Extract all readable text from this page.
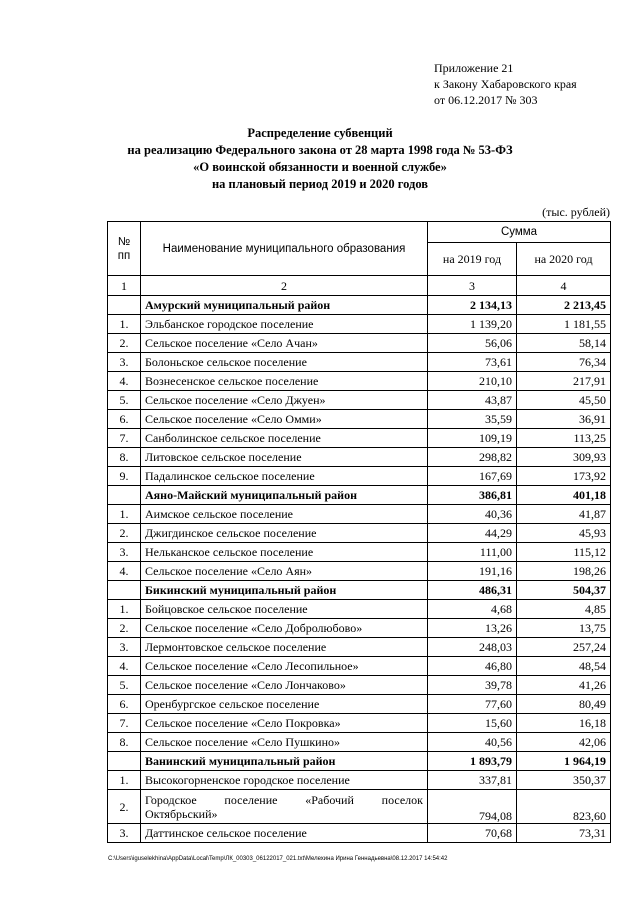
Приложение 21
к Закону Хабаровского края
от 06.12.2017 № 303
Распределение субвенций
на реализацию Федерального закона от 28 марта 1998 года № 53-ФЗ
«О воинской обязанности и военной службе»
на плановый период 2019 и 2020 годов
(тыс. рублей)
№ пп	Наименование муниципального образования	Сумма	
		на 2019 год	на 2020 год
1	2	3	4
	Амурский муниципальный район	2 134,13	2 213,45
1.	Эльбанское городское поселение	1 139,20	1 181,55
2.	Сельское поселение «Село Ачан»	56,06	58,14
3.	Болоньское сельское поселение	73,61	76,34
4.	Вознесенское сельское поселение	210,10	217,91
5.	Сельское поселение «Село Джуен»	43,87	45,50
6.	Сельское поселение «Село Омми»	35,59	36,91
7.	Санболинское сельское поселение	109,19	113,25
8.	Литовское сельское поселение	298,82	309,93
9.	Падалинское сельское поселение	167,69	173,92
	Аяно-Майский муниципальный район	386,81	401,18
1.	Аимское сельское поселение	40,36	41,87
2.	Джигдинское сельское поселение	44,29	45,93
3.	Нельканское сельское поселение	111,00	115,12
4.	Сельское поселение «Село Аян»	191,16	198,26
	Бикинский муниципальный район	486,31	504,37
1.	Бойцовское сельское поселение	4,68	4,85
2.	Сельское поселение «Село Добролюбово»	13,26	13,75
3.	Лермонтовское сельское поселение	248,03	257,24
4.	Сельское поселение «Село Лесопильное»	46,80	48,54
5.	Сельское поселение «Село Лончаково»	39,78	41,26
6.	Оренбургское сельское поселение	77,60	80,49
7.	Сельское поселение «Село Покровка»	15,60	16,18
8.	Сельское поселение «Село Пушкино»	40,56	42,06
	Ванинский муниципальный район	1 893,79	1 964,19
1.	Высокогорненское городское поселение	337,81	350,37
2.	Городское поселение «Рабочий поселок Октябрьский»	794,08	823,60
3.	Даттинское сельское поселение	70,68	73,31
C:\Users\iguselekhina\AppData\Local\Temp\ЛК_00303_06122017_021.txt\Мелехина Ирина Геннадьевна\08.12.2017 14:54:42
